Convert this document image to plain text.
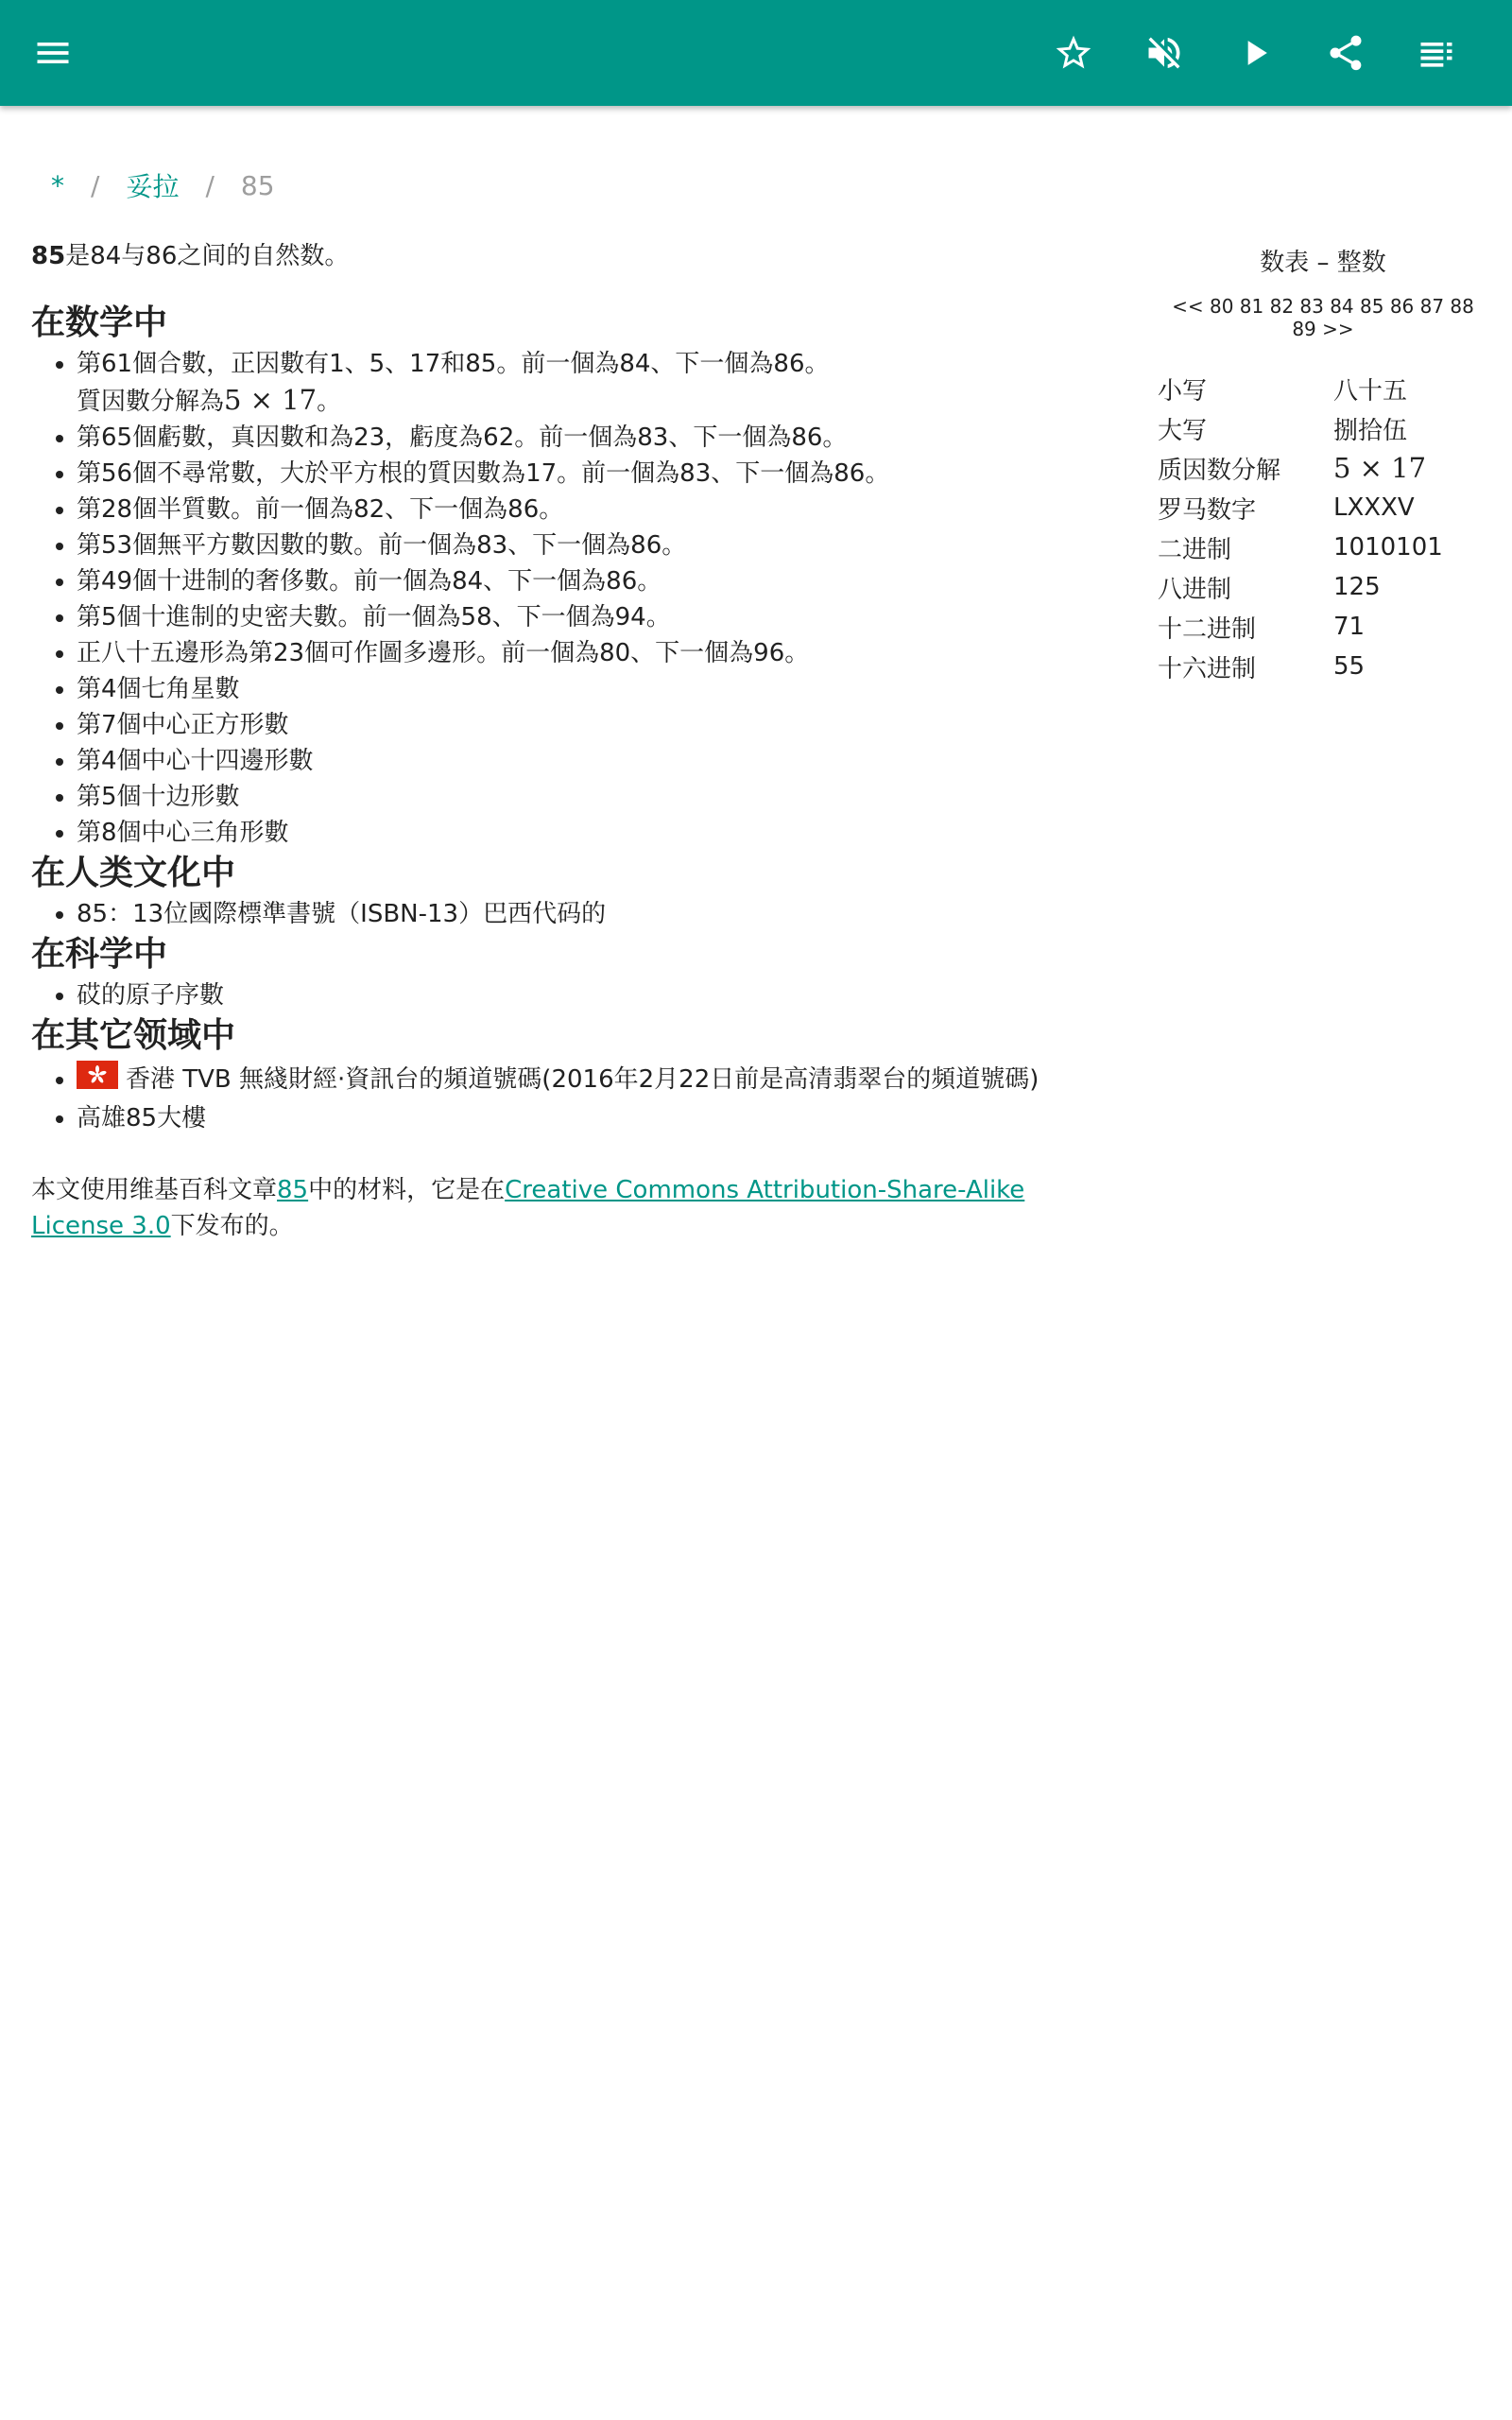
* / 妥拉 / 85

85是84与86之间的自然数。

在数学中
• 第61個合數，正因數有1、5、17和85。前一個為84、下一個為86。
質因數分解為5 × 17。
• 第65個虧數，真因數和為23，虧度為62。前一個為83、下一個為86。
• 第56個不尋常數，大於平方根的質因數為17。前一個為83、下一個為86。
• 第28個半質數。前一個為82、下一個為86。
• 第53個無平方數因數的數。前一個為83、下一個為86。
• 第49個十进制的奢侈數。前一個為84、下一個為86。
• 第5個十進制的史密夫數。前一個為58、下一個為94。
• 正八十五邊形為第23個可作圖多邊形。前一個為80、下一個為96。
• 第4個七角星數
• 第7個中心正方形數
• 第4個中心十四邊形數
• 第5個十边形數
• 第8個中心三角形數
在人类文化中
• 85：13位國際標準書號（ISBN-13）巴西代码的
在科学中
• 砹的原子序數
在其它领域中
• 香港 TVB 無綫財經·資訊台的頻道號碼(2016年2月22日前是高清翡翠台的頻道號碼)
• 高雄85大樓
本文使用维基百科文章85中的材料，它是在Creative Commons Attribution-Share-Alike License 3.0下发布的。
数表 – 整数
<< 80 81 82 83 84 85 86 87 88 89 >>
小写	八十五
大写	捌拾伍
质因数分解	5 × 17
罗马数字	LXXXV
二进制	1010101
八进制	125
十二进制	71
十六进制	55
